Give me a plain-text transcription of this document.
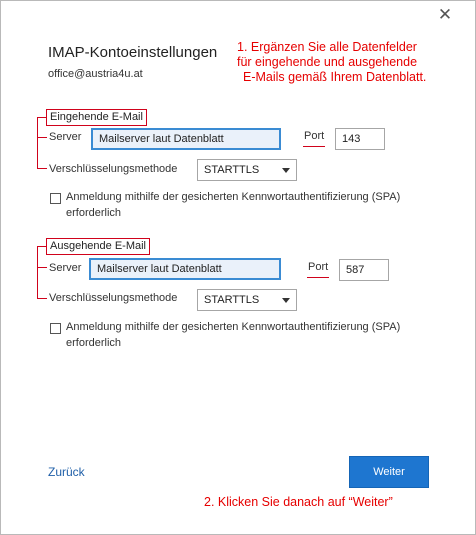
✕
IMAP-Kontoeinstellungen
office@austria4u.at
1. Ergänzen Sie alle Datenfelder
für eingehende und ausgehende
E-Mails gemäß Ihrem Datenblatt.
Eingehende E-Mail
Server	Mailserver laut Datenblatt	Port	143
Verschlüsselungsmethode	STARTTLS
Anmeldung mithilfe der gesicherten Kennwortauthentifizierung (SPA)
erforderlich
Ausgehende E-Mail
Server	Mailserver laut Datenblatt	Port	587
Verschlüsselungsmethode	STARTTLS
Anmeldung mithilfe der gesicherten Kennwortauthentifizierung (SPA)
erforderlich
Zurück	Weiter
2. Klicken Sie danach auf “Weiter”
